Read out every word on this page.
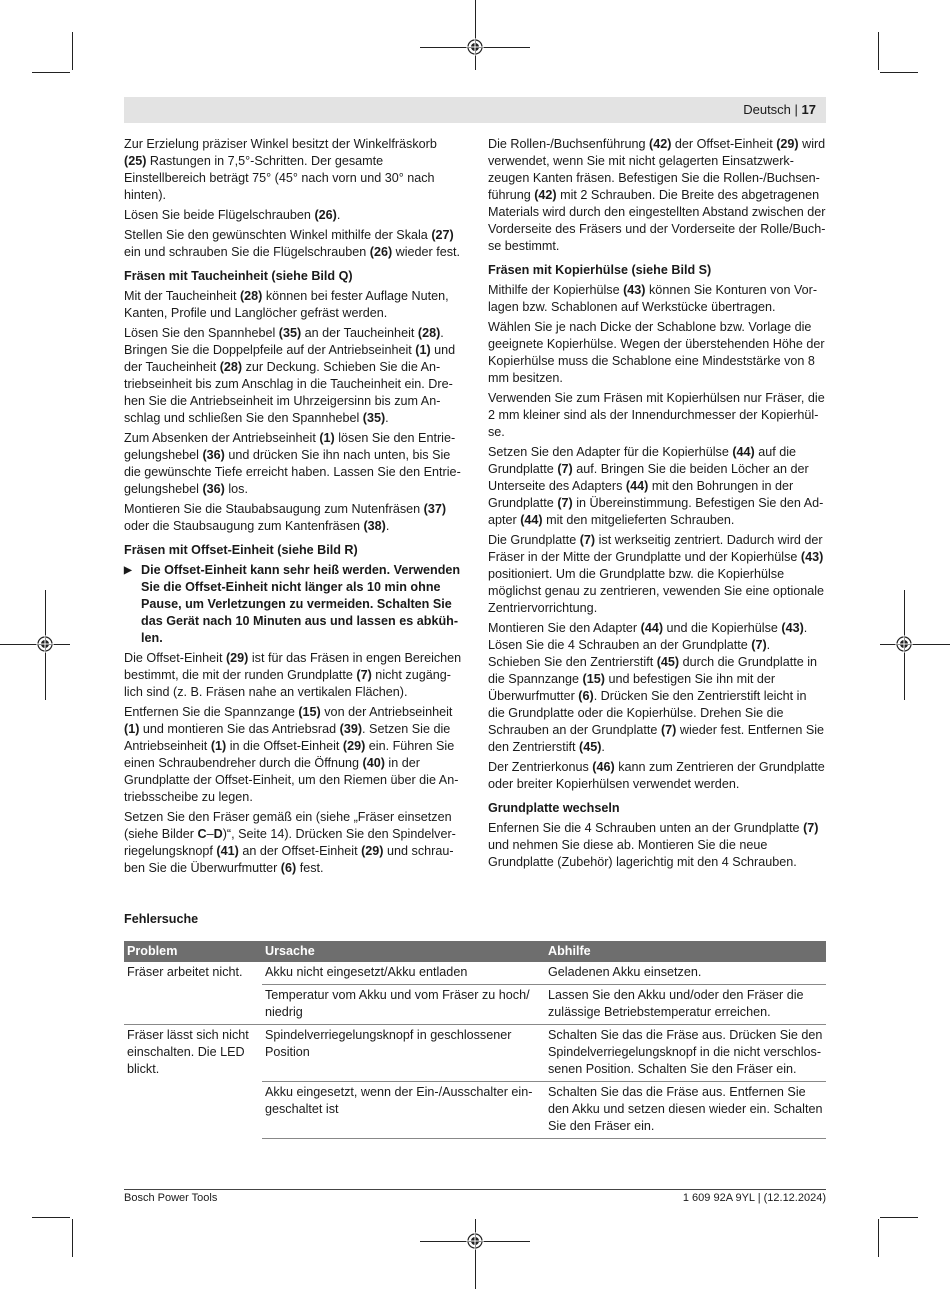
Deutsch | 17

Zur Erzielung präziser Winkel besitzt der Winkelfräskorb (25) Rastungen in 7,5°-Schritten. Der gesamte Einstellbereich beträgt 75° (45° nach vorn und 30° nach hinten).

Lösen Sie beide Flügelschrauben (26).

Stellen Sie den gewünschten Winkel mithilfe der Skala (27) ein und schrauben Sie die Flügelschrauben (26) wieder fest.

Fräsen mit Taucheinheit (siehe Bild Q)

Mit der Taucheinheit (28) können bei fester Auflage Nuten, Kanten, Profile und Langlöcher gefräst werden.

Lösen Sie den Spannhebel (35) an der Taucheinheit (28). Bringen Sie die Doppelpfeile auf der Antriebseinheit (1) und der Taucheinheit (28) zur Deckung. Schieben Sie die Antriebseinheit bis zum Anschlag in die Taucheinheit ein. Drehen Sie die Antriebseinheit im Uhrzeigersinn bis zum Anschlag und schließen Sie den Spannhebel (35).

Zum Absenken der Antriebseinheit (1) lösen Sie den Entriegelungshebel (36) und drücken Sie ihn nach unten, bis Sie die gewünschte Tiefe erreicht haben. Lassen Sie den Entriegelungshebel (36) los.

Montieren Sie die Staubabsaugung zum Nutenfräsen (37) oder die Staubsaugung zum Kantenfräsen (38).

Fräsen mit Offset-Einheit (siehe Bild R)
▶ Die Offset-Einheit kann sehr heiß werden. Verwenden Sie die Offset-Einheit nicht länger als 10 min ohne Pause, um Verletzungen zu vermeiden. Schalten Sie das Gerät nach 10 Minuten aus und lassen es abkühlen.

Die Offset-Einheit (29) ist für das Fräsen in engen Bereichen bestimmt, die mit der runden Grundplatte (7) nicht zugänglich sind (z. B. Fräsen nahe an vertikalen Flächen).

Entfernen Sie die Spannzange (15) von der Antriebseinheit (1) und montieren Sie das Antriebsrad (39). Setzen Sie die Antriebseinheit (1) in die Offset-Einheit (29) ein. Führen Sie einen Schraubendreher durch die Öffnung (40) in der Grundplatte der Offset-Einheit, um den Riemen über die Antriebsscheibe zu legen.

Setzen Sie den Fräser gemäß ein (siehe „Fräser einsetzen (siehe Bilder C–D)“, Seite 14). Drücken Sie den Spindelverriegelungsknopf (41) an der Offset-Einheit (29) und schrauben Sie die Überwurfmutter (6) fest.

Die Rollen-/Buchsenführung (42) der Offset-Einheit (29) wird verwendet, wenn Sie mit nicht gelagerten Einsatzwerkzeugen Kanten fräsen. Befestigen Sie die Rollen-/Buchsenführung (42) mit 2 Schrauben. Die Breite des abgetragenen Materials wird durch den eingestellten Abstand zwischen der Vorderseite des Fräsers und der Vorderseite der Rolle/Buchse bestimmt.

Fräsen mit Kopierhülse (siehe Bild S)

Mithilfe der Kopierhülse (43) können Sie Konturen von Vorlagen bzw. Schablonen auf Werkstücke übertragen.

Wählen Sie je nach Dicke der Schablone bzw. Vorlage die geeignete Kopierhülse. Wegen der überstehenden Höhe der Kopierhülse muss die Schablone eine Mindeststärke von 8 mm besitzen.

Verwenden Sie zum Fräsen mit Kopierhülsen nur Fräser, die 2 mm kleiner sind als der Innendurchmesser der Kopierhülse.

Setzen Sie den Adapter für die Kopierhülse (44) auf die Grundplatte (7) auf. Bringen Sie die beiden Löcher an der Unterseite des Adapters (44) mit den Bohrungen in der Grundplatte (7) in Übereinstimmung. Befestigen Sie den Adapter (44) mit den mitgelieferten Schrauben.

Die Grundplatte (7) ist werkseitig zentriert. Dadurch wird der Fräser in der Mitte der Grundplatte und der Kopierhülse (43) positioniert. Um die Grundplatte bzw. die Kopierhülse möglichst genau zu zentrieren, vewenden Sie eine optionale Zentriervorrichtung.

Montieren Sie den Adapter (44) und die Kopierhülse (43). Lösen Sie die 4 Schrauben an der Grundplatte (7). Schieben Sie den Zentrierstift (45) durch die Grundplatte in die Spannzange (15) und befestigen Sie ihn mit der Überwurfmutter (6). Drücken Sie den Zentrierstift leicht in die Grundplatte oder die Kopierhülse. Drehen Sie die Schrauben an der Grundplatte (7) wieder fest. Entfernen Sie den Zentrierstift (45).

Der Zentrierkonus (46) kann zum Zentrieren der Grundplatte oder breiter Kopierhülsen verwendet werden.

Grundplatte wechseln

Enfernen Sie die 4 Schrauben unten an der Grundplatte (7) und nehmen Sie diese ab. Montieren Sie die neue Grundplatte (Zubehör) lagerichtig mit den 4 Schrauben.

Fehlersuche
Problem	Ursache	Abhilfe
Fräser arbeitet nicht.	Akku nicht eingesetzt/Akku entladen	Geladenen Akku einsetzen.
	Temperatur vom Akku und vom Fräser zu hoch/ niedrig	Lassen Sie den Akku und/oder den Fräser die zulässige Betriebstemperatur erreichen.
Fräser lässt sich nicht einschalten. Die LED blickt.	Spindelverriegelungsknopf in geschlossener Position	Schalten Sie das die Fräse aus. Drücken Sie den Spindelverriegelungsknopf in die nicht verschlossenen Position. Schalten Sie den Fräser ein.
	Akku eingesetzt, wenn der Ein-/Ausschalter eingeschaltet ist	Schalten Sie das die Fräse aus. Entfernen Sie den Akku und setzen diesen wieder ein. Schalten Sie den Fräser ein.
Bosch Power Tools	1 609 92A 9YL | (12.12.2024)
